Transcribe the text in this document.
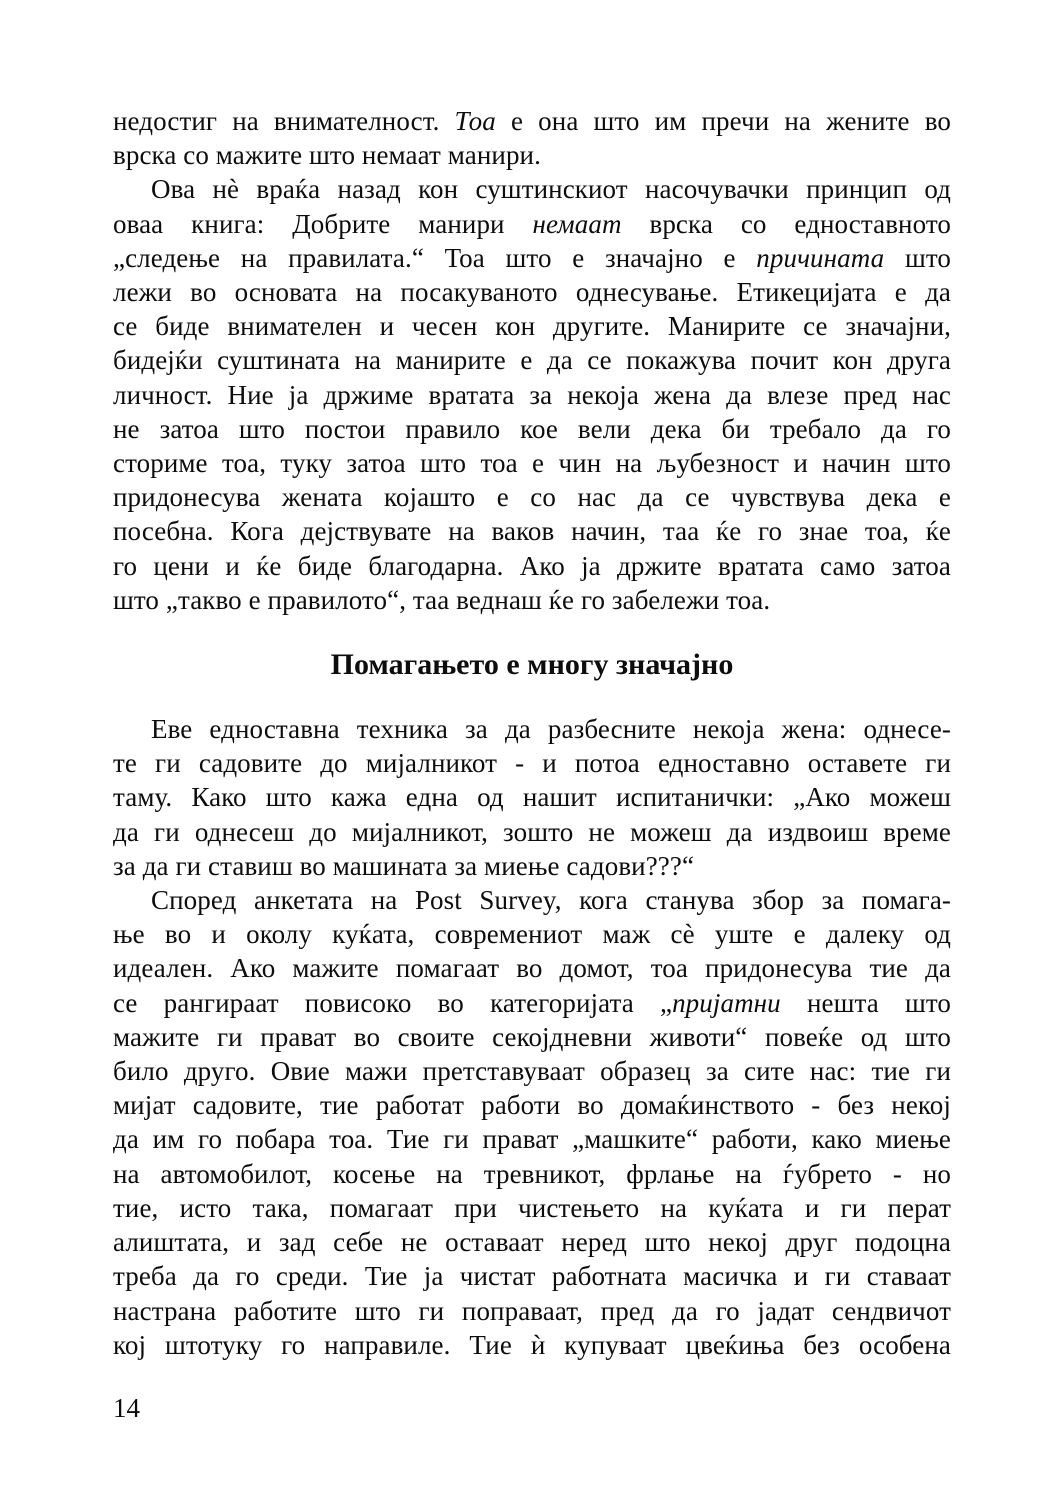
недостиг на внимателност. Тоа е она што им пречи на жените во
врска со мажите што немаат манири.
Ова нѐ враќа назад кон суштинскиот насочувачки принцип од
оваа книга: Добрите манири немаат врска со едноставното
„следење на правилата.“ Тоа што е значајно е причината што
лежи во основата на посакуваното однесување. Етикецијата е да
се биде внимателен и чесен кон другите. Манирите се значајни,
бидејќи суштината на манирите е да се покажува почит кон друга
личност. Ние ја држиме вратата за некоја жена да влезе пред нас
не затоа што постои правило кое вели дека би требало да го
сториме тоа, туку затоа што тоа е чин на љубезност и начин што
придонесува жената којашто е со нас да се чувствува дека е
посебна. Кога дејствувате на ваков начин, таа ќе го знае тоа, ќе
го цени и ќе биде благодарна. Ако ја држите вратата само затоа
што „такво е правилото“, таа веднаш ќе го забележи тоа.
Помагањето е многу значајно
Еве едноставна техника за да разбесните некоја жена: однесе-
те ги садовите до мијалникот - и потоа едноставно оставете ги
таму. Како што кажа една од нашит испитанички: „Ако можеш
да ги однесеш до мијалникот, зошто не можеш да издвоиш време
за да ги ставиш во машината за миење садови???“
Според анкетата на Post Survey, кога станува збор за помага-
ње во и околу куќата, современиот маж сѐ уште е далеку од
идеален. Ако мажите помагаат во домот, тоа придонесува тие да
се рангираат повисоко во категоријата „пријатни нешта што
мажите ги прават во своите секојдневни животи“ повеќе од што
било друго. Овие мажи претставуваат образец за сите нас: тие ги
мијат садовите, тие работат работи во домаќинството - без некој
да им го побара тоа. Тие ги прават „машките“ работи, како миење
на автомобилот, косење на тревникот, фрлање на ѓубрето - но
тие, исто така, помагаат при чистењето на куќата и ги перат
алиштата, и зад себе не оставаат неред што некој друг подоцна
треба да го среди. Тие ја чистат работната масичка и ги ставаат
настрана работите што ги поправаат, пред да го јадат сендвичот
кој штотуку го направиле. Тие ѝ купуваат цвеќиња без особена
14
